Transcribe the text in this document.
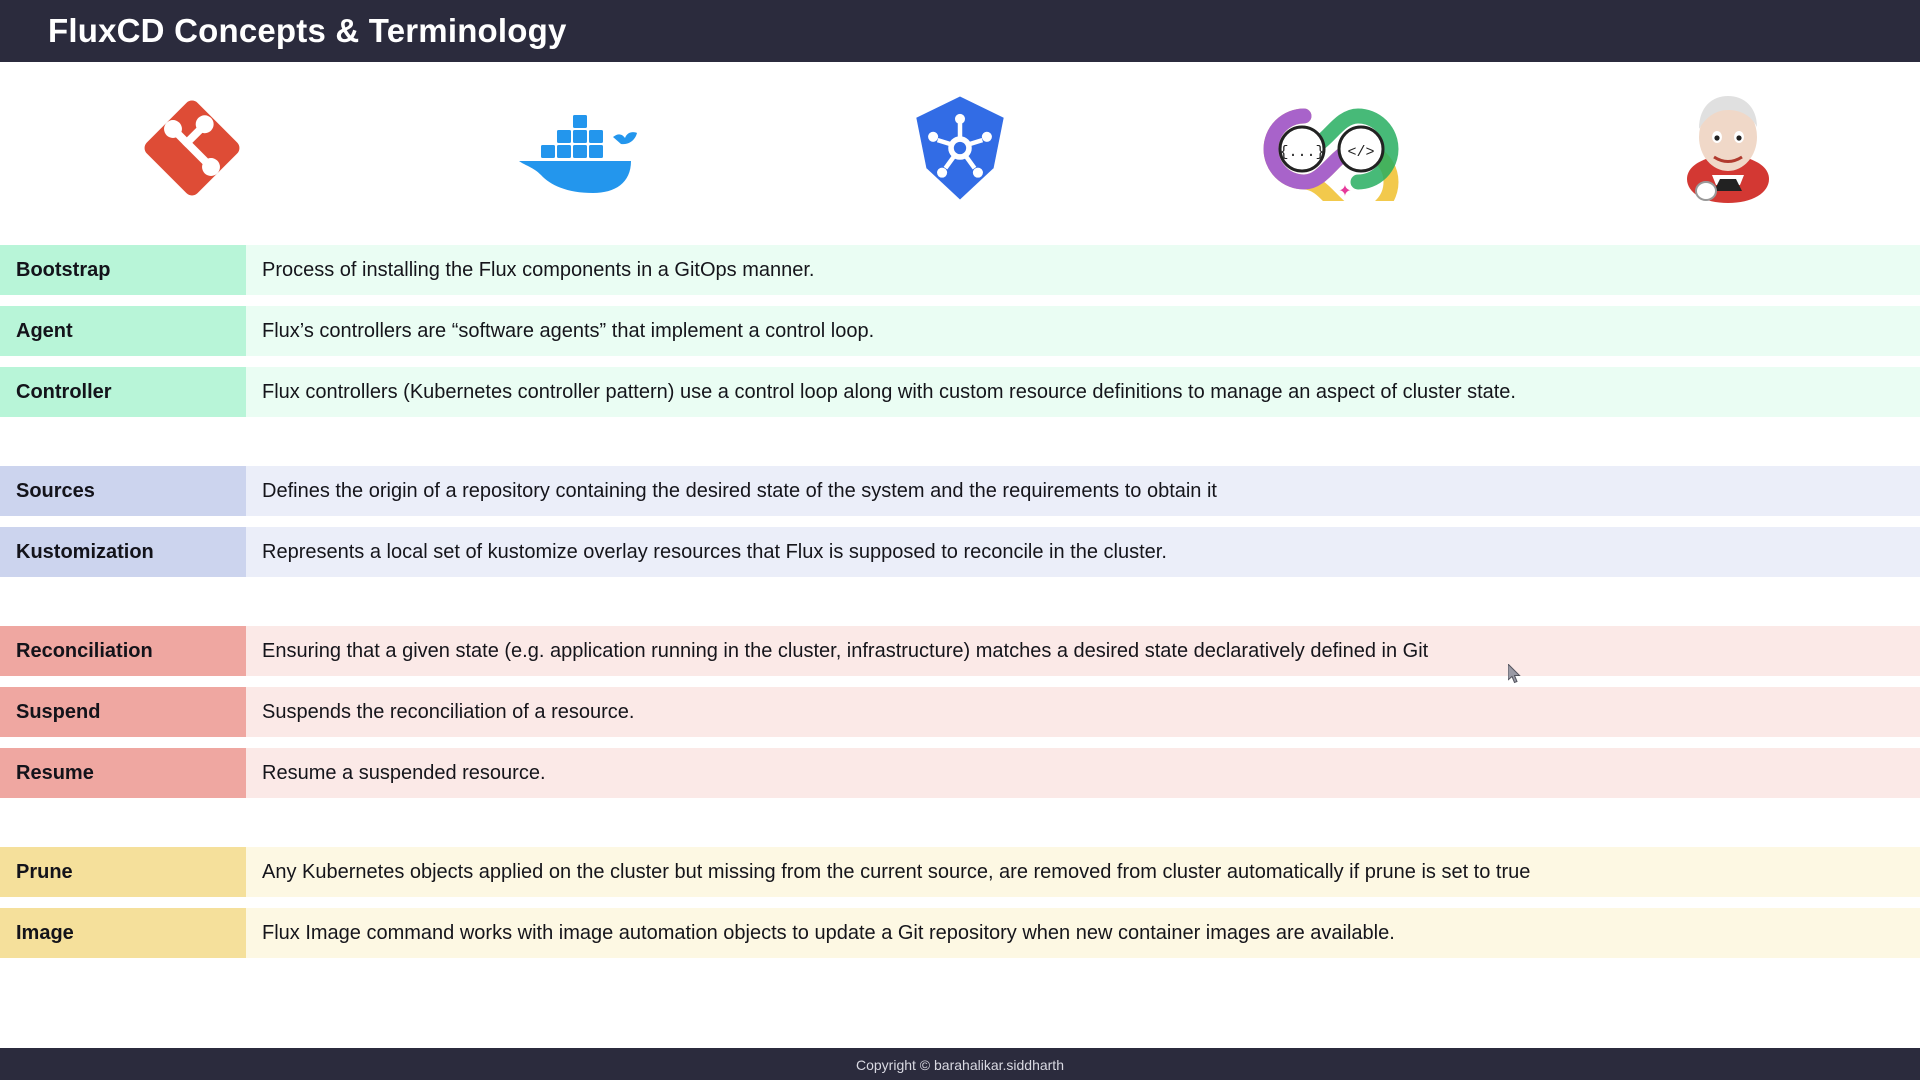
FluxCD Concepts & Terminology
{...} </>
✦
Bootstrap	Process of installing the Flux components in a GitOps manner.
Agent	Flux’s controllers are “software agents” that implement a control loop.
Controller	Flux controllers (Kubernetes controller pattern) use a control loop along with custom resource definitions to manage an aspect of cluster state.
Sources	Defines the origin of a repository containing the desired state of the system and the requirements to obtain it
Kustomization	Represents a local set of kustomize overlay resources that Flux is supposed to reconcile in the cluster.
Reconciliation	Ensuring that a given state (e.g. application running in the cluster, infrastructure) matches a desired state declaratively defined in Git
Suspend	Suspends the reconciliation of a resource.
Resume	Resume a suspended resource.
Prune	Any Kubernetes objects applied on the cluster but missing from the current source, are removed from cluster automatically if prune is set to true
Image	Flux Image command works with image automation objects to update a Git repository when new container images are available.
Copyright © barahalikar.siddharth
